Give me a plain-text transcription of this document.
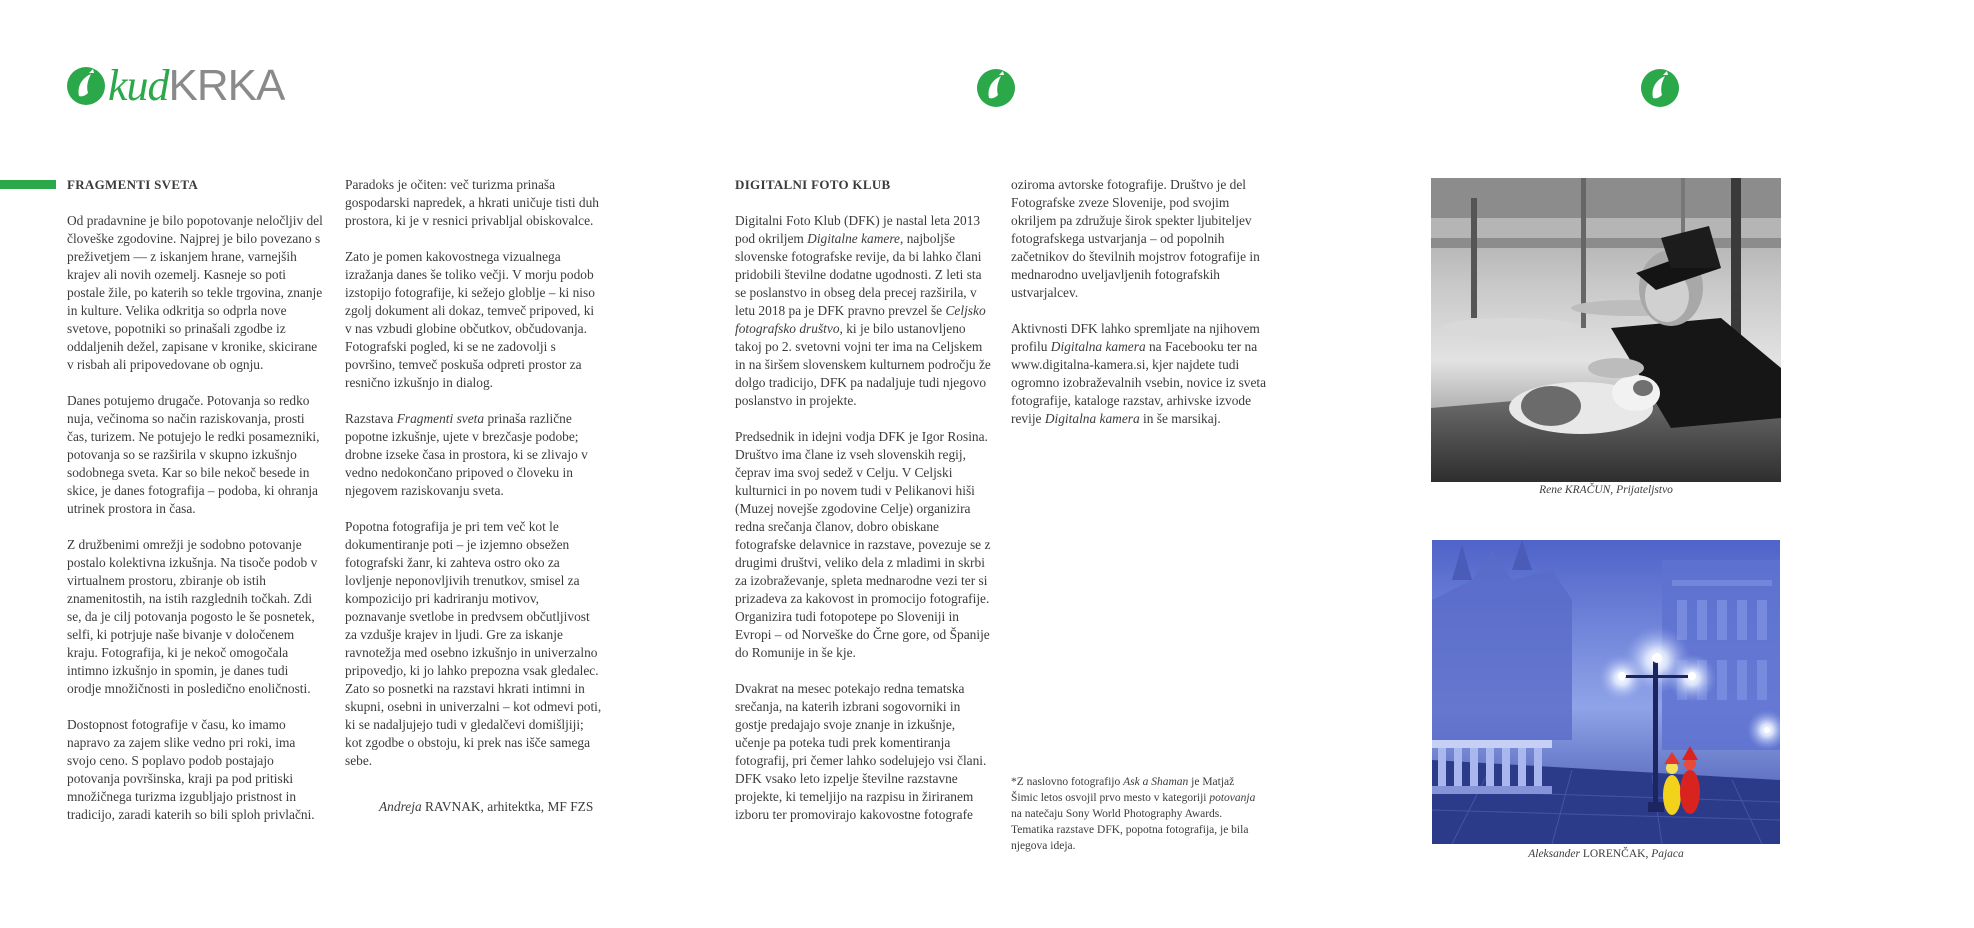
kudKRKA
FRAGMENTI SVETA

Od pradavnine je bilo popotovanje neločljiv del človeške zgodovine. Najprej je bilo povezano s preživetjem — z iskanjem hrane, varnejših krajev ali novih ozemelj. Kasneje so poti postale žile, po katerih so tekle trgovina, znanje in kulture. Velika odkritja so odprla nove svetove, popotniki so prinašali zgodbe iz oddaljenih dežel, zapisane v kronike, skicirane v risbah ali pripovedovane ob ognju.

Danes potujemo drugače. Potovanja so redko nuja, večinoma so način raziskovanja, prosti čas, turizem. Ne potujejo le redki posamezniki, potovanja so se razširila v skupno izkušnjo sodobnega sveta. Kar so bile nekoč besede in skice, je danes fotografija – podoba, ki ohranja utrinek prostora in časa.

Z družbenimi omrežji je sodobno potovanje postalo kolektivna izkušnja. Na tisoče podob v virtualnem prostoru, zbiranje ob istih znamenitostih, na istih razglednih točkah. Zdi se, da je cilj potovanja pogosto le še posnetek, selfi, ki potrjuje naše bivanje v določenem kraju. Fotografija, ki je nekoč omogočala intimno izkušnjo in spomin, je danes tudi orodje množičnosti in posledično enoličnosti.

Dostopnost fotografije v času, ko imamo napravo za zajem slike vedno pri roki, ima svojo ceno. S poplavo podob postajajo potovanja površinska, kraji pa pod pritiski množičnega turizma izgubljajo pristnost in tradicijo, zaradi katerih so bili sploh privlačni.

Paradoks je očiten: več turizma prinaša gospodarski napredek, a hkrati uničuje tisti duh prostora, ki je v resnici privabljal obiskovalce.

Zato je pomen kakovostnega vizualnega izražanja danes še toliko večji. V morju podob izstopijo fotografije, ki sežejo globlje – ki niso zgolj dokument ali dokaz, temveč pripoved, ki v nas vzbudi globine občutkov, občudovanja. Fotografski pogled, ki se ne zadovolji s površino, temveč poskuša odpreti prostor za resnično izkušnjo in dialog.

Razstava Fragmenti sveta prinaša različne popotne izkušnje, ujete v brezčasje podobe; drobne izseke časa in prostora, ki se zlivajo v vedno nedokončano pripoved o človeku in njegovem raziskovanju sveta.

Popotna fotografija je pri tem več kot le dokumentiranje poti – je izjemno obsežen fotografski žanr, ki zahteva ostro oko za lovljenje neponovljivih trenutkov, smisel za kompozicijo pri kadriranju motivov, poznavanje svetlobe in predvsem občutljivost za vzdušje krajev in ljudi. Gre za iskanje ravnotežja med osebno izkušnjo in univerzalno pripovedjo, ki jo lahko prepozna vsak gledalec. Zato so posnetki na razstavi hkrati intimni in skupni, osebni in univerzalni – kot odmevi poti, ki se nadaljujejo tudi v gledalčevi domišljiji; kot zgodbe o obstoju, ki prek nas išče samega sebe.

Andreja RAVNAK, arhitektka, MF FZS

DIGITALNI FOTO KLUB

Digitalni Foto Klub (DFK) je nastal leta 2013 pod okriljem Digitalne kamere, najboljše slovenske fotografske revije, da bi lahko člani pridobili številne dodatne ugodnosti. Z leti sta se poslanstvo in obseg dela precej razširila, v letu 2018 pa je DFK pravno prevzel še Celjsko fotografsko društvo, ki je bilo ustanovljeno takoj po 2. svetovni vojni ter ima na Celjskem in na širšem slovenskem kulturnem področju že dolgo tradicijo, DFK pa nadaljuje tudi njegovo poslanstvo in projekte.

Predsednik in idejni vodja DFK je Igor Rosina. Društvo ima člane iz vseh slovenskih regij, čeprav ima svoj sedež v Celju. V Celjski kulturnici in po novem tudi v Pelikanovi hiši (Muzej novejše zgodovine Celje) organizira redna srečanja članov, dobro obiskane fotografske delavnice in razstave, povezuje se z drugimi društvi, veliko dela z mladimi in skrbi za izobraževanje, spleta mednarodne vezi ter si prizadeva za kakovost in promocijo fotografije. Organizira tudi fotopotepe po Sloveniji in Evropi – od Norveške do Črne gore, od Španije do Romunije in še kje.

Dvakrat na mesec potekajo redna tematska srečanja, na katerih izbrani sogovorniki in gostje predajajo svoje znanje in izkušnje, učenje pa poteka tudi prek komentiranja fotografij, pri čemer lahko sodelujejo vsi člani. DFK vsako leto izpelje številne razstavne projekte, ki temeljijo na razpisu in žiriranem izboru ter promovirajo kakovostne fotografe

oziroma avtorske fotografije. Društvo je del Fotografske zveze Slovenije, pod svojim okriljem pa združuje širok spekter ljubiteljev fotografskega ustvarjanja – od popolnih začetnikov do številnih mojstrov fotografije in mednarodno uveljavljenih fotografskih ustvarjalcev.

Aktivnosti DFK lahko spremljate na njihovem profilu Digitalna kamera na Facebooku ter na www.digitalna-kamera.si, kjer najdete tudi ogromno izobraževalnih vsebin, novice iz sveta fotografije, kataloge razstav, arhivske izvode revije Digitalna kamera in še marsikaj.

*Z naslovno fotografijo Ask a Shaman je Matjaž Šimic letos osvojil prvo mesto v kategoriji potovanja na natečaju Sony World Photography Awards. Tematika razstave DFK, popotna fotografija, je bila njegova ideja.
Rene KRAČUN, Prijateljstvo
Aleksander LORENČAK, Pajaca
